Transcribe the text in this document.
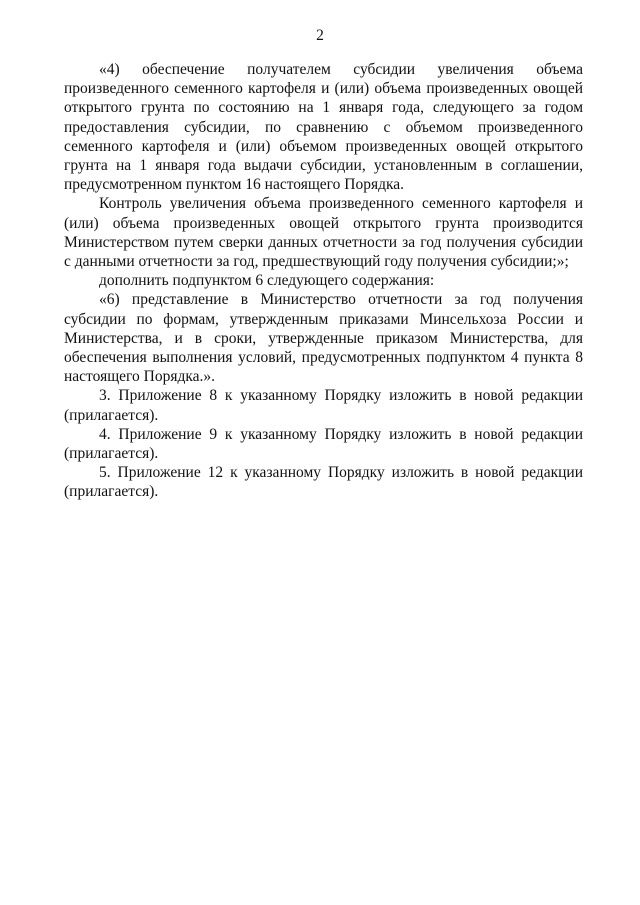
2

«4) обеспечение получателем субсидии увеличения объема произведенного семенного картофеля и (или) объема произведенных овощей открытого грунта по состоянию на 1 января года, следующего за годом предоставления субсидии, по сравнению с объемом произведенного семенного картофеля и (или) объемом произведенных овощей открытого грунта на 1 января года выдачи субсидии, установленным в соглашении, предусмотренном пунктом 16 настоящего Порядка.

Контроль увеличения объема произведенного семенного картофеля и (или) объема произведенных овощей открытого грунта производится Министерством путем сверки данных отчетности за год получения субсидии с данными отчетности за год, предшествующий году получения субсидии;»;

дополнить подпунктом 6 следующего содержания:

«6) представление в Министерство отчетности за год получения субсидии по формам, утвержденным приказами Минсельхоза России и Министерства, и в сроки, утвержденные приказом Министерства, для обеспечения выполнения условий, предусмотренных подпунктом 4 пункта 8 настоящего Порядка.».

3. Приложение 8 к указанному Порядку изложить в новой редакции (прилагается).

4. Приложение 9 к указанному Порядку изложить в новой редакции (прилагается).

5. Приложение 12 к указанному Порядку изложить в новой редакции (прилагается).
